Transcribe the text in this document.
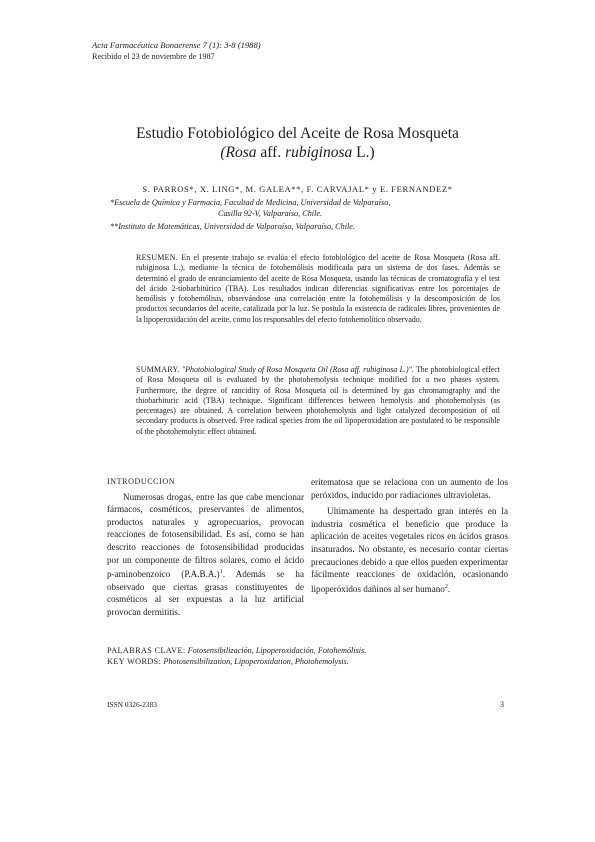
Acta Farmacéutica Bonaerense 7 (1): 3-8 (1988)
Recibido el 23 de noviembre de 1987
Estudio Fotobiológico del Aceite de Rosa Mosqueta
(Rosa aff. rubiginosa L.)
S. PARROS*, X. LING*, M. GALEA**, F. CARVAJAL* y E. FERNANDEZ*
*Escuela de Química y Farmacia, Facultad de Medicina, Universidad de Valparaíso,
Casilla 92-V, Valparaíso, Chile.
**Instituto de Matemáticas, Universidad de Valparaíso, Valparaíso, Chile.
RESUMEN. En el presente trabajo se evalúa el efecto fotobiológico del aceite de Rosa Mosqueta (Rosa aff. rubiginosa L.), mediante la técnica de fotohemólisis modificada para un sistema de dos fases. Además se determinó el grado de enranciamiento del aceite de Rosa Mosqueta, usando las técnicas de cromatografía y el test del ácido 2-tiobarbitúrico (TBA). Los resultados indican diferencias significativas entre los porcentajes de hemólisis y fotohemólisis, observándose una correlación entre la fotohemólisis y la descomposición de los productos secundarios del aceite, catalizada por la luz. Se postula la existencia de radicales libres, provenientes de la lipoperoxidación del aceite, como los responsables del efecto fotohemolítico observado.
SUMMARY. "Photobiological Study of Rosa Mosqueta Oil (Rosa aff. rubiginosa L.)". The photobiological effect of Rosa Mosqueta oil is evaluated by the photohemolysis technique modified for a two phases system. Furthermore, the degree of rancidity of Rosa Mosqueta oil is determined by gas chromatography and the thiobarbituric acid (TBA) technique. Significant differences between hemolysis and photohemolysis (as percentages) are obtained. A correlation between photohemolysis and light catalyzed decomposition of oil secondary products is observed. Free radical species from the oil lipoperoxidation are postulated to be responsible of the photohemolytic effect obtained.
INTRODUCCION

Numerosas drogas, entre las que cabe mencionar fármacos, cosméticos, preservantes de alimentos, productos naturales y agropecuarios, provocan reacciones de fotosensibilidad. Es así, como se han descrito reacciones de fotosensibilidad producidas por un componente de filtros solares, como el ácido p-aminobenzoico $(P.A.B.A.)^1$. Además se ha observado que ciertas grasas constituyentes de cosméticos al ser expuestas a la luz artificial provocan dermititis.

eritematosa que se relaciona con un aumento de los peróxidos, inducido por radiaciones ultravioletas.

Ultimamente ha despertado gran interés en la industria cosmética el beneficio que produce la aplicación de aceites vegetales ricos en ácidos grasos insaturados. No obstante, es necesario contar ciertas precauciones debido a que ellos pueden experimentar fácilmente reacciones de oxidación, ocasionando lipoperóxidos dañinos al ser humano$^2$.

PALABRAS CLAVE: Fotosensibilización, Lipoperoxidación, Fotohemólisis.
KEY WORDS: Photosensibilization, Lipoperoxidation, Photohemolysis.
ISSN 0326-2383	3
